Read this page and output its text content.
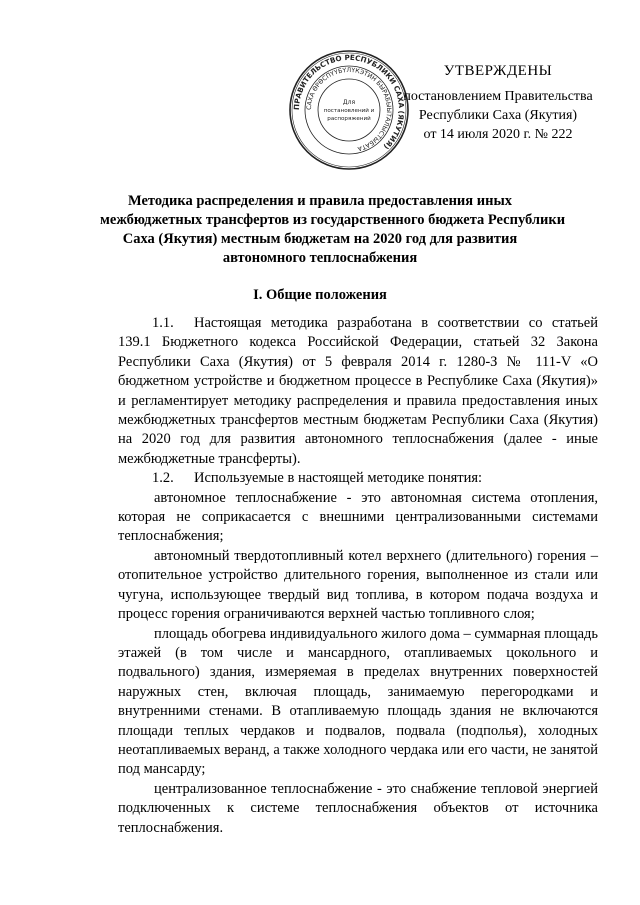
ПРАВИТЕЛЬСТВО РЕСПУБЛИКИ САХА (ЯКУТИЯ)
САХА ӨРӨСПҮҮБҮЛҮКЭТИН БЫРАБЫЫТАЛЫСТЫБАТА
Для
постановлений и
распоряжений
УТВЕРЖДЕНЫ
постановлением Правительства
Республики Саха (Якутия)
от 14 июля 2020 г. № 222
Методика распределения и правила предоставления иных
межбюджетных трансфертов из государственного бюджета Республики
Саха (Якутия) местным бюджетам на 2020 год для развития
автономного теплоснабжения
I. Общие положения

1.1. Настоящая методика разработана в соответствии со статьей 139.1 Бюджетного кодекса Российской Федерации, статьей 32 Закона Республики Саха (Якутия) от 5 февраля 2014 г. 1280-З № 111-V «О бюджетном устройстве и бюджетном процессе в Республике Саха (Якутия)» и регламентирует методику распределения и правила предоставления иных межбюджетных трансфертов местным бюджетам Республики Саха (Якутия) на 2020 год для развития автономного теплоснабжения (далее - иные межбюджетные трансферты).

1.2. Используемые в настоящей методике понятия:

автономное теплоснабжение - это автономная система отопления, которая не соприкасается с внешними централизованными системами теплоснабжения;

автономный твердотопливный котел верхнего (длительного) горения – отопительное устройство длительного горения, выполненное из стали или чугуна, использующее твердый вид топлива, в котором подача воздуха и процесс горения ограничиваются верхней частью топливного слоя;

площадь обогрева индивидуального жилого дома – суммарная площадь этажей (в том числе и мансардного, отапливаемых цокольного и подвального) здания, измеряемая в пределах внутренних поверхностей наружных стен, включая площадь, занимаемую перегородками и внутренними стенами. В отапливаемую площадь здания не включаются площади теплых чердаков и подвалов, подвала (подполья), холодных неотапливаемых веранд, а также холодного чердака или его части, не занятой под мансарду;

централизованное теплоснабжение - это снабжение тепловой энергией подключенных к системе теплоснабжения объектов от источника теплоснабжения.
